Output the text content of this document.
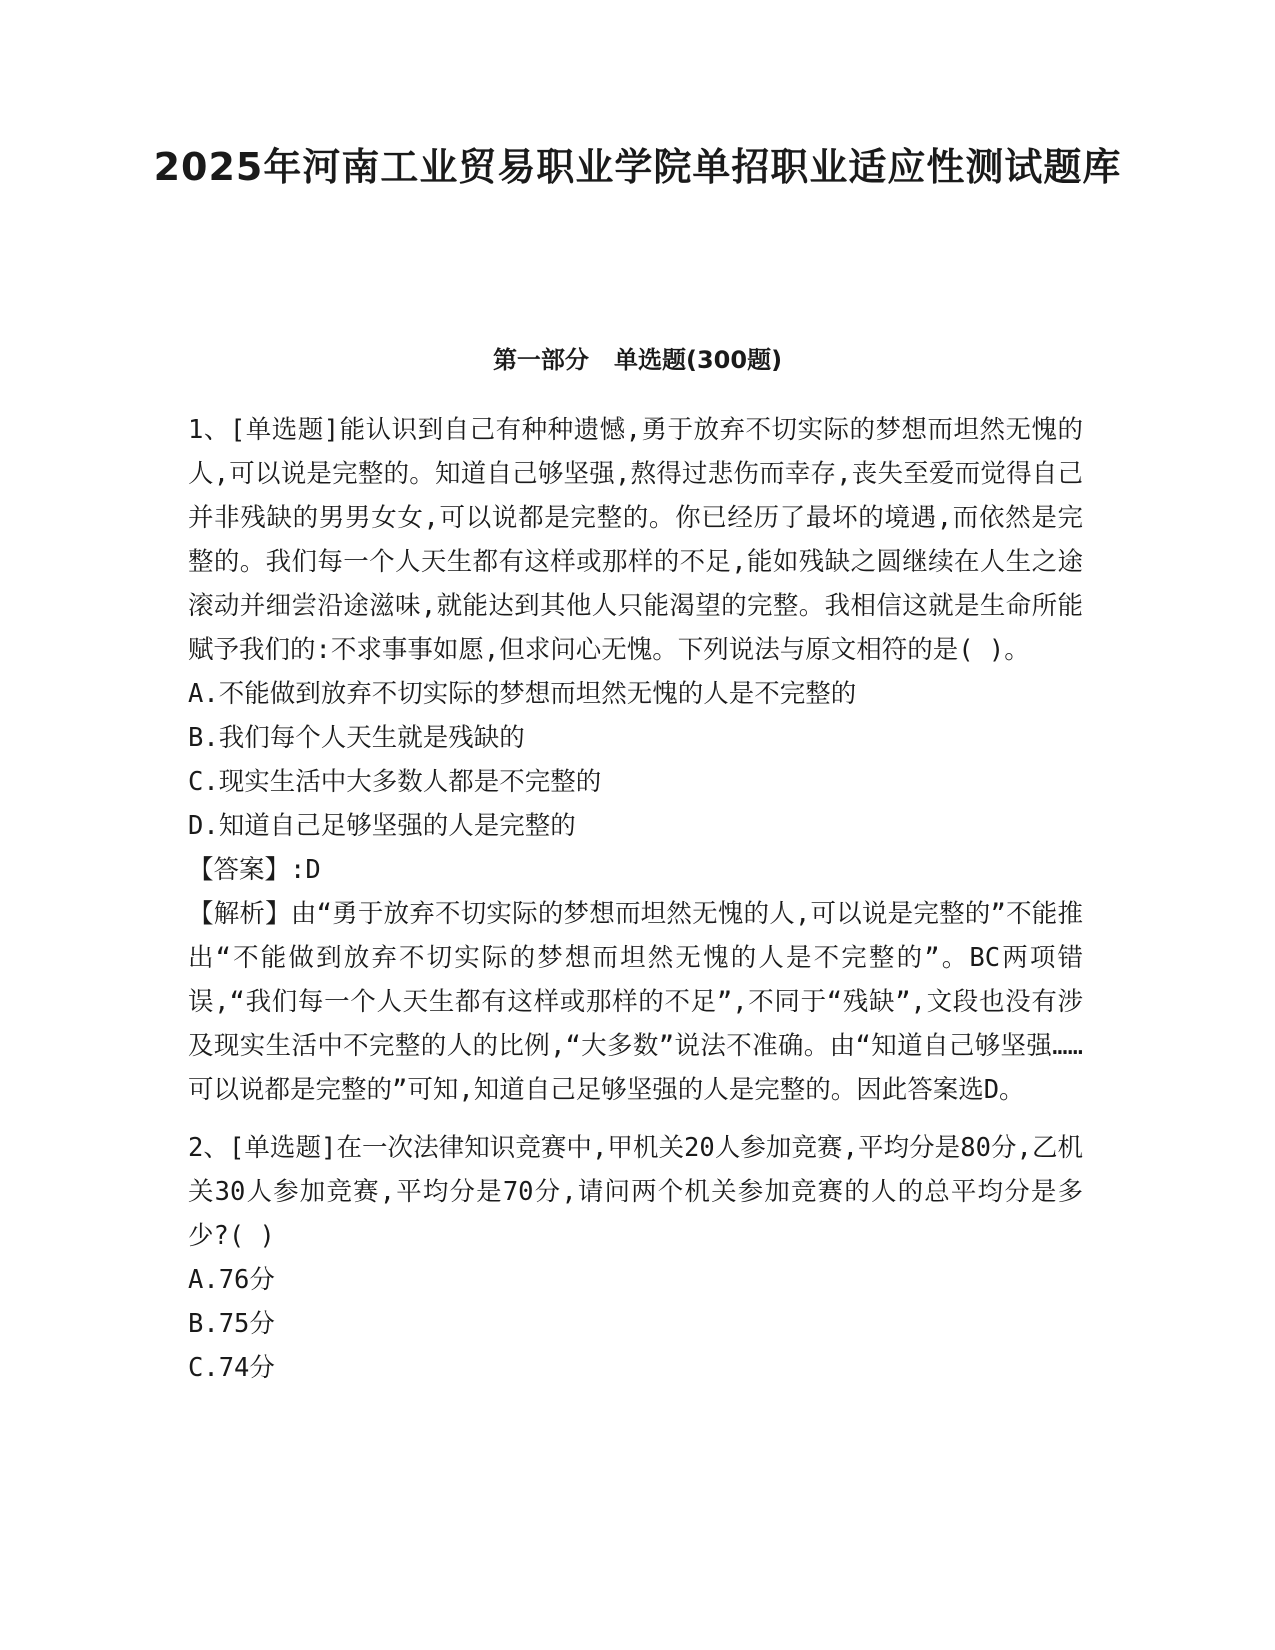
2025年河南工业贸易职业学院单招职业适应性测试题库
第一部分   单选题(300题)

1、[单选题]能认识到自己有种种遗憾,勇于放弃不切实际的梦想而坦然无愧的人,可以说是完整的。知道自己够坚强,熬得过悲伤而幸存,丧失至爱而觉得自己并非残缺的男男女女,可以说都是完整的。你已经历了最坏的境遇,而依然是完整的。我们每一个人天生都有这样或那样的不足,能如残缺之圆继续在人生之途滚动并细尝沿途滋味,就能达到其他人只能渴望的完整。我相信这就是生命所能赋予我们的:不求事事如愿,但求问心无愧。下列说法与原文相符的是( )。

A.不能做到放弃不切实际的梦想而坦然无愧的人是不完整的

B.我们每个人天生就是残缺的

C.现实生活中大多数人都是不完整的

D.知道自己足够坚强的人是完整的

【答案】:D

【解析】由“勇于放弃不切实际的梦想而坦然无愧的人,可以说是完整的”不能推出“不能做到放弃不切实际的梦想而坦然无愧的人是不完整的”。BC两项错误,“我们每一个人天生都有这样或那样的不足”,不同于“残缺”,文段也没有涉及现实生活中不完整的人的比例,“大多数”说法不准确。由“知道自己够坚强……可以说都是完整的”可知,知道自己足够坚强的人是完整的。因此答案选D。

2、[单选题]在一次法律知识竞赛中,甲机关20人参加竞赛,平均分是80分,乙机关30人参加竞赛,平均分是70分,请问两个机关参加竞赛的人的总平均分是多少?( )

A.76分

B.75分

C.74分
